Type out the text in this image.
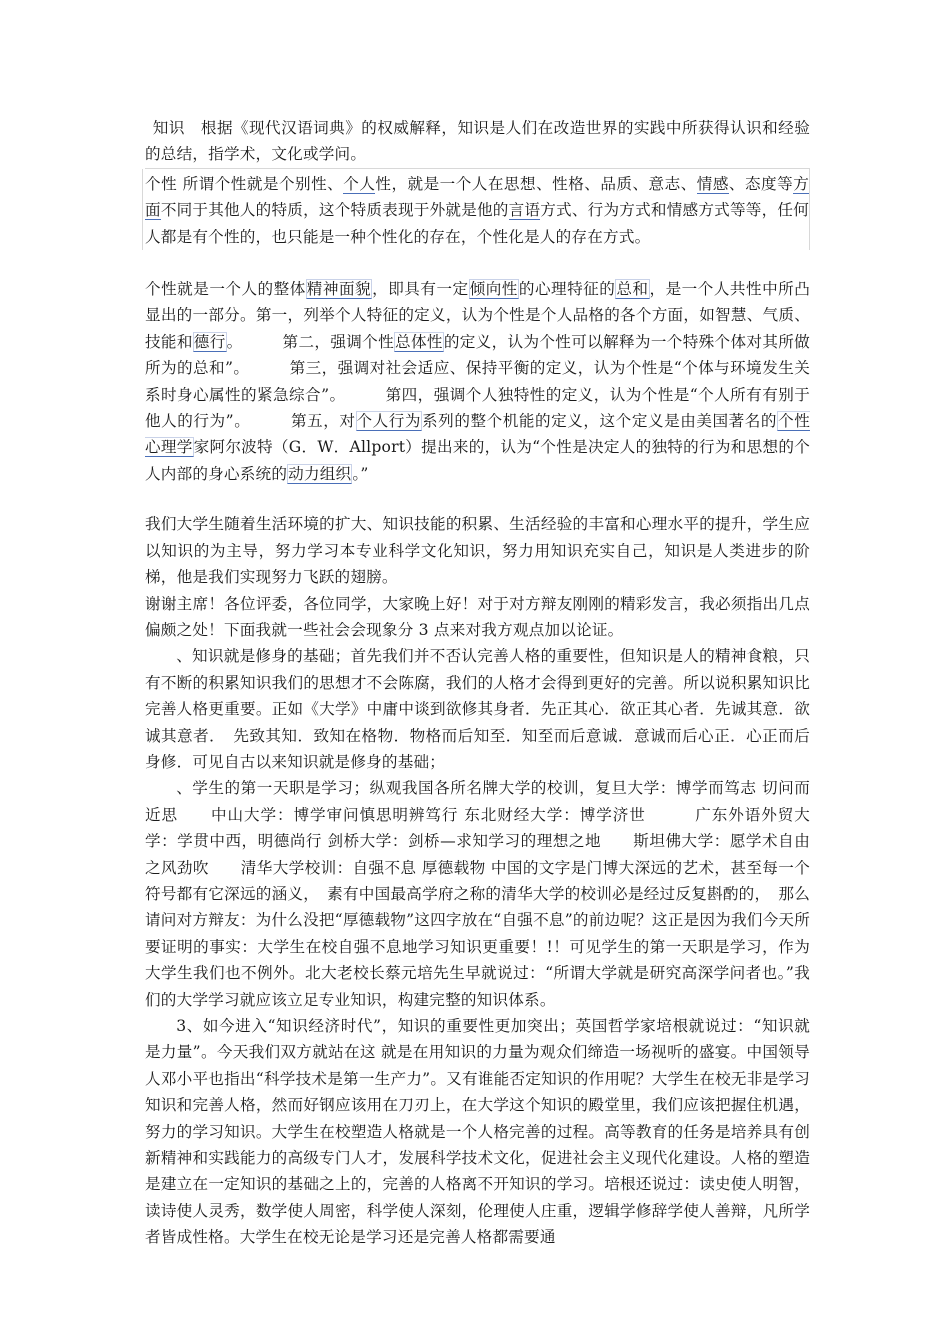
知识　根据《现代汉语词典》的权威解释，知识是人们在改造世界的实践中所获得认识和经验的总结，指学术，文化或学问。

个性 所谓个性就是个别性、个人性，就是一个人在思想、性格、品质、意志、情感、态度等方面不同于其他人的特质，这个特质表现于外就是他的言语方式、行为方式和情感方式等等，任何人都是有个性的，也只能是一种个性化的存在，个性化是人的存在方式。

个性就是一个人的整体精神面貌，即具有一定倾向性的心理特征的总和，是一个人共性中所凸显出的一部分。第一，列举个人特征的定义，认为个性是个人品格的各个方面，如智慧、气质、技能和德行。　　　第二，强调个性总体性的定义，认为个性可以解释为一个特殊个体对其所做所为的总和”。　　　第三，强调对社会适应、保持平衡的定义，认为个性是“个体与环境发生关系时身心属性的紧急综合”。　　　第四，强调个人独特性的定义，认为个性是“个人所有有别于他人的行为”。　　　第五，对个人行为系列的整个机能的定义，这个定义是由美国著名的个性心理学家阿尔波特（G．W．Allport）提出来的，认为“个性是决定人的独特的行为和思想的个人内部的身心系统的动力组织。”

我们大学生随着生活环境的扩大、知识技能的积累、生活经验的丰富和心理水平的提升，学生应以知识的为主导，努力学习本专业科学文化知识，努力用知识充实自己，知识是人类进步的阶梯，他是我们实现努力飞跃的翅膀。

谢谢主席！各位评委，各位同学，大家晚上好！对于对方辩友刚刚的精彩发言，我必须指出几点偏颇之处！下面我就一些社会会现象分 3 点来对我方观点加以论证。

、知识就是修身的基础；首先我们并不否认完善人格的重要性，但知识是人的精神食粮，只有不断的积累知识我们的思想才不会陈腐，我们的人格才会得到更好的完善。所以说积累知识比完善人格更重要。正如《大学》中庸中谈到欲修其身者．先正其心．欲正其心者．先诚其意．欲诚其意者．　先致其知．致知在格物．物格而后知至．知至而后意诚．意诚而后心正．心正而后身修．可见自古以来知识就是修身的基础；

、学生的第一天职是学习；纵观我国各所名牌大学的校训，复旦大学：博学而笃志 切问而近思　　中山大学：博学审问慎思明辨笃行 东北财经大学：博学济世　　　广东外语外贸大学：学贯中西，明德尚行 剑桥大学：剑桥—求知学习的理想之地　　斯坦佛大学：愿学术自由之风劲吹　　清华大学校训：自强不息 厚德载物 中国的文字是门博大深远的艺术，甚至每一个符号都有它深远的涵义，　素有中国最高学府之称的清华大学的校训必是经过反复斟酌的，　那么请问对方辩友：为什么没把“厚德载物”这四字放在“自强不息”的前边呢？这正是因为我们今天所要证明的事实：大学生在校自强不息地学习知识更重要！!！可见学生的第一天职是学习，作为大学生我们也不例外。北大老校长蔡元培先生早就说过：“所谓大学就是研究高深学问者也。”我们的大学学习就应该立足专业知识，构建完整的知识体系。

3、如今进入“知识经济时代”，知识的重要性更加突出；英国哲学家培根就说过：“知识就是力量”。今天我们双方就站在这 就是在用知识的力量为观众们缔造一场视听的盛宴。中国领导人邓小平也指出“科学技术是第一生产力”。又有谁能否定知识的作用呢？大学生在校无非是学习知识和完善人格，然而好钢应该用在刀刃上，在大学这个知识的殿堂里，我们应该把握住机遇，努力的学习知识。大学生在校塑造人格就是一个人格完善的过程。高等教育的任务是培养具有创新精神和实践能力的高级专门人才，发展科学技术文化，促进社会主义现代化建设。人格的塑造是建立在一定知识的基础之上的，完善的人格离不开知识的学习。培根还说过：读史使人明智，读诗使人灵秀，数学使人周密，科学使人深刻，伦理使人庄重，逻辑学修辞学使人善辩，凡所学者皆成性格。大学生在校无论是学习还是完善人格都需要通
